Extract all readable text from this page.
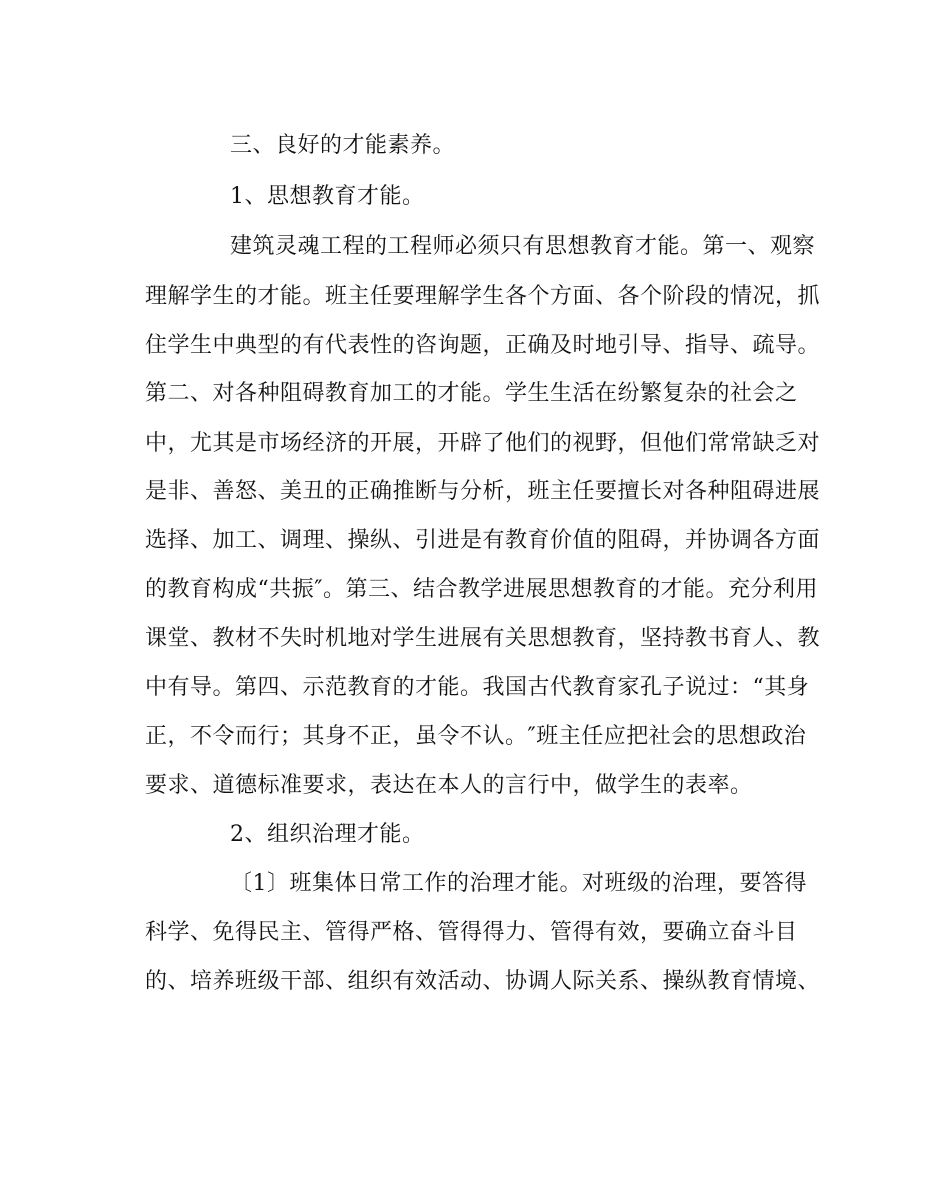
三、良好的才能素养。
1、思想教育才能。
建筑灵魂工程的工程师必须只有思想教育才能。第一、观察
理解学生的才能。班主任要理解学生各个方面、各个阶段的情况，抓
住学生中典型的有代表性的咨询题，正确及时地引导、指导、疏导。
第二、对各种阻碍教育加工的才能。学生生活在纷繁复杂的社会之
中，尤其是市场经济的开展，开辟了他们的视野，但他们常常缺乏对
是非、善怒、美丑的正确推断与分析，班主任要擅长对各种阻碍进展
选择、加工、调理、操纵、引进是有教育价值的阻碍，并协调各方面
的教育构成“共振″。第三、结合教学进展思想教育的才能。充分利用
课堂、教材不失时机地对学生进展有关思想教育，坚持教书育人、教
中有导。第四、示范教育的才能。我国古代教育家孔子说过：“其身
正，不令而行；其身不正，虽令不认。″班主任应把社会的思想政治
要求、道德标准要求，表达在本人的言行中，做学生的表率。
2、组织治理才能。
〔1〕班集体日常工作的治理才能。对班级的治理，要答得
科学、免得民主、管得严格、管得得力、管得有效，要确立奋斗目
的、培养班级干部、组织有效活动、协调人际关系、操纵教育情境、
